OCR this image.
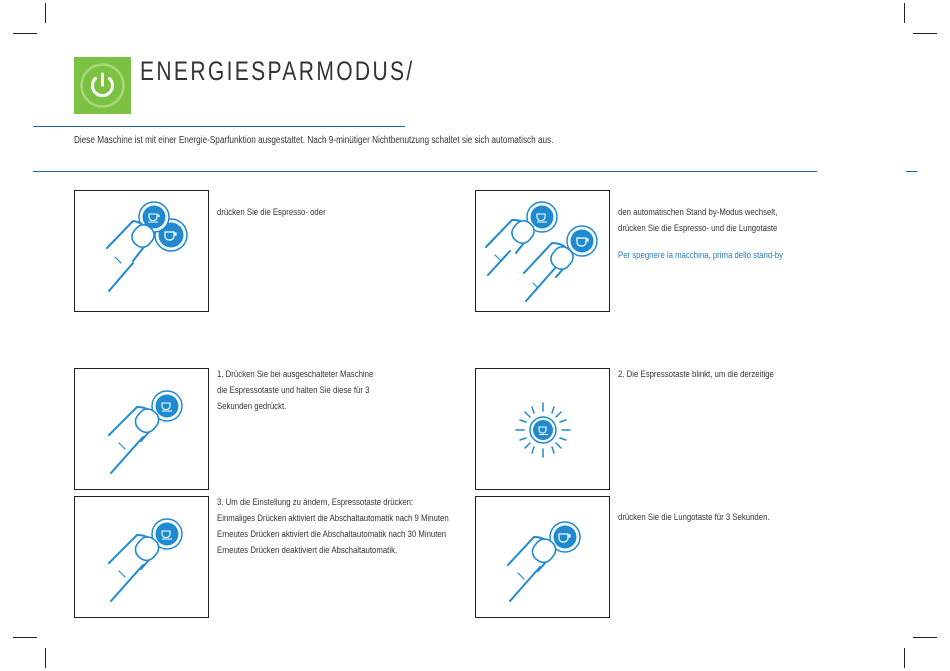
ENERGIESPARMODUS/
Diese Maschine ist mit einer Energie-Sparfunktion ausgestattet. Nach 9-minütiger Nichtbenutzung schaltet sie sich automatisch aus.
drücken Sie die Espresso- oder	den automatischen Stand by-Modus wechselt,
drücken Sie die Espresso- und die Lungotaste
Per spegnere la macchina, prima dello stand-by
1. Drücken Sie bei ausgeschalteter Maschine
die Espressotaste und halten Sie diese für 3
Sekunden gedrückt.
2. Die Espressotaste blinkt, um die derzeitige
3. Um die Einstellung zu ändern, Espressotaste drücken:
Einmaliges Drücken aktiviert die Abschaltautomatik nach 9 Minuten
Erneutes Drücken aktiviert die Abschaltautomatik nach 30 Minuten
Erneutes Drücken deaktiviert die Abschaltautomatik.
drücken Sie die Lungotaste für 3 Sekunden.
